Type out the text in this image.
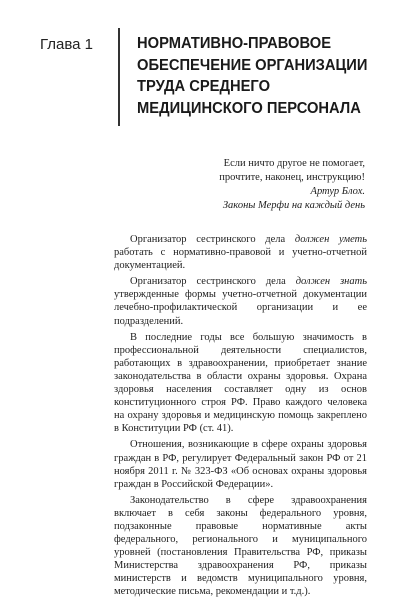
Глава 1	НОРМАТИВНО-ПРАВОВОЕ
ОБЕСПЕЧЕНИЕ ОРГАНИЗАЦИИ
ТРУДА СРЕДНЕГО
МЕДИЦИНСКОГО ПЕРСОНАЛА
Если ничто другое не помогает,
прочтите, наконец, инструкцию!
Артур Блох.
Законы Мерфи на каждый день

Организатор сестринского дела должен уметь работать с нормативно-правовой и учетно-отчетной документацией.

Организатор сестринского дела должен знать утвержденные формы учетно-отчетной документации лечебно-профилактической организации и ее подразделений.

В последние годы все большую значимость в профессиональной деятельности специалистов, работающих в здравоохранении, приобретает знание законодательства в области охраны здоровья. Охрана здоровья населения составляет одну из основ конституционного строя РФ. Право каждого человека на охрану здоровья и медицинскую помощь закреплено в Конституции РФ (ст. 41).

Отношения, возникающие в сфере охраны здоровья граждан в РФ, регулирует Федеральный закон РФ от 21 ноября 2011 г. № 323-ФЗ «Об основах охраны здоровья граждан в Российской Федерации».

Законодательство в сфере здравоохранения включает в себя законы федерального уровня, подзаконные правовые нормативные акты федерального, регионального и муниципального уровней (постановления Правительства РФ, приказы Министерства здравоохранения РФ, приказы министерств и ведомств муниципального уровня, методические письма, рекомендации и т.д.).
